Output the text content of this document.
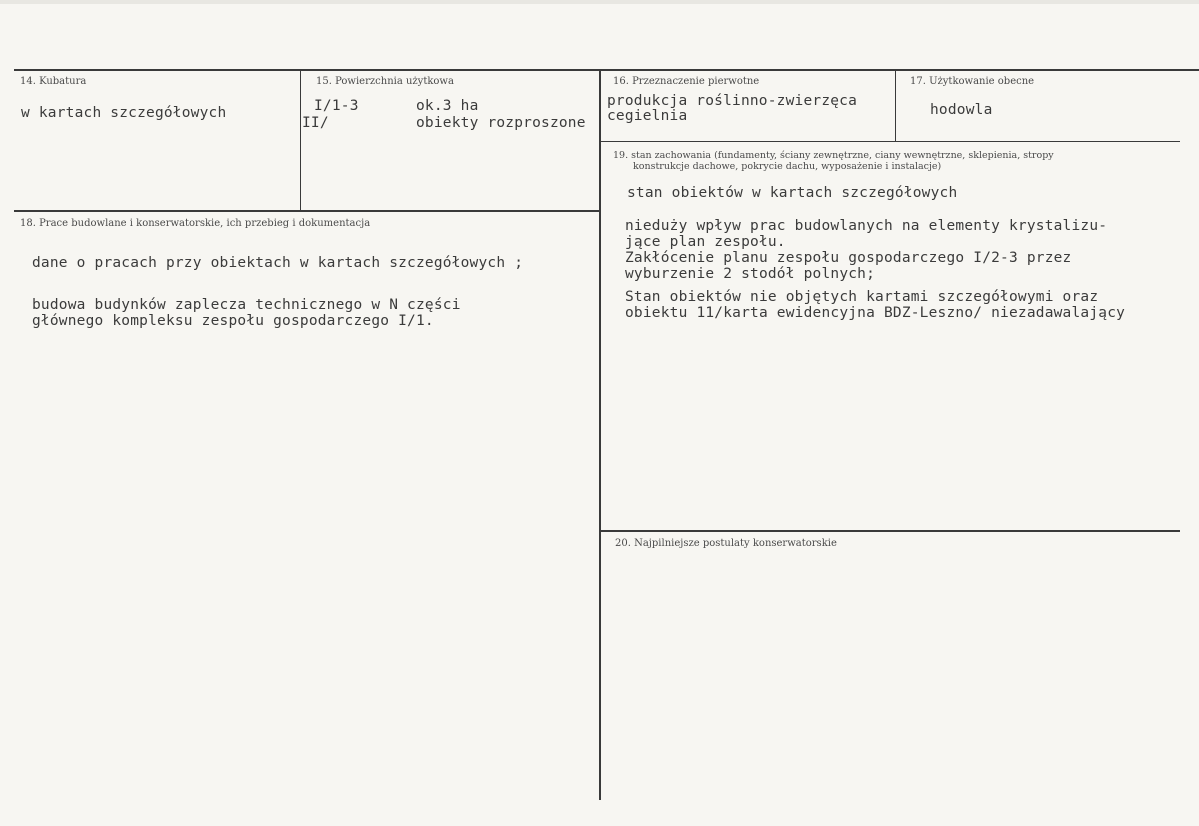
14. Kubatura
w kartach szczegółowych
15. Powierzchnia użytkowa
I/1-3	ok.3 ha
II/	obiekty rozproszone
16. Przeznaczenie pierwotne
produkcja roślinno-zwierzęca
cegielnia
17. Użytkowanie obecne
hodowla
19. stan zachowania (fundamenty, ściany zewnętrzne, ciany wewnętrzne, sklepienia, stropy
konstrukcje dachowe, pokrycie dachu, wyposażenie i instalacje)
stan obiektów w kartach szczegółowych
niedużу wpływ prac budowlanych na elementy krystalizu-
jące plan zespołu.
Zakłócenie planu zespołu gospodarczego I/2-3 przez
wyburzenie 2 stodół polnych;
Stan obiektów nie objętych kartami szczegółowymi oraz
obiektu 11/karta ewidencyjna BDZ-Leszno/ niezadawalający
18. Prace budowlane i konserwatorskie, ich przebieg i dokumentacja
dane o pracach przy obiektach w kartach szczegółowych ;
budowa budynków zaplecza technicznego w N części
głównego kompleksu zespołu gospodarczego I/1.
20. Najpilniejsze postulaty konserwatorskie
